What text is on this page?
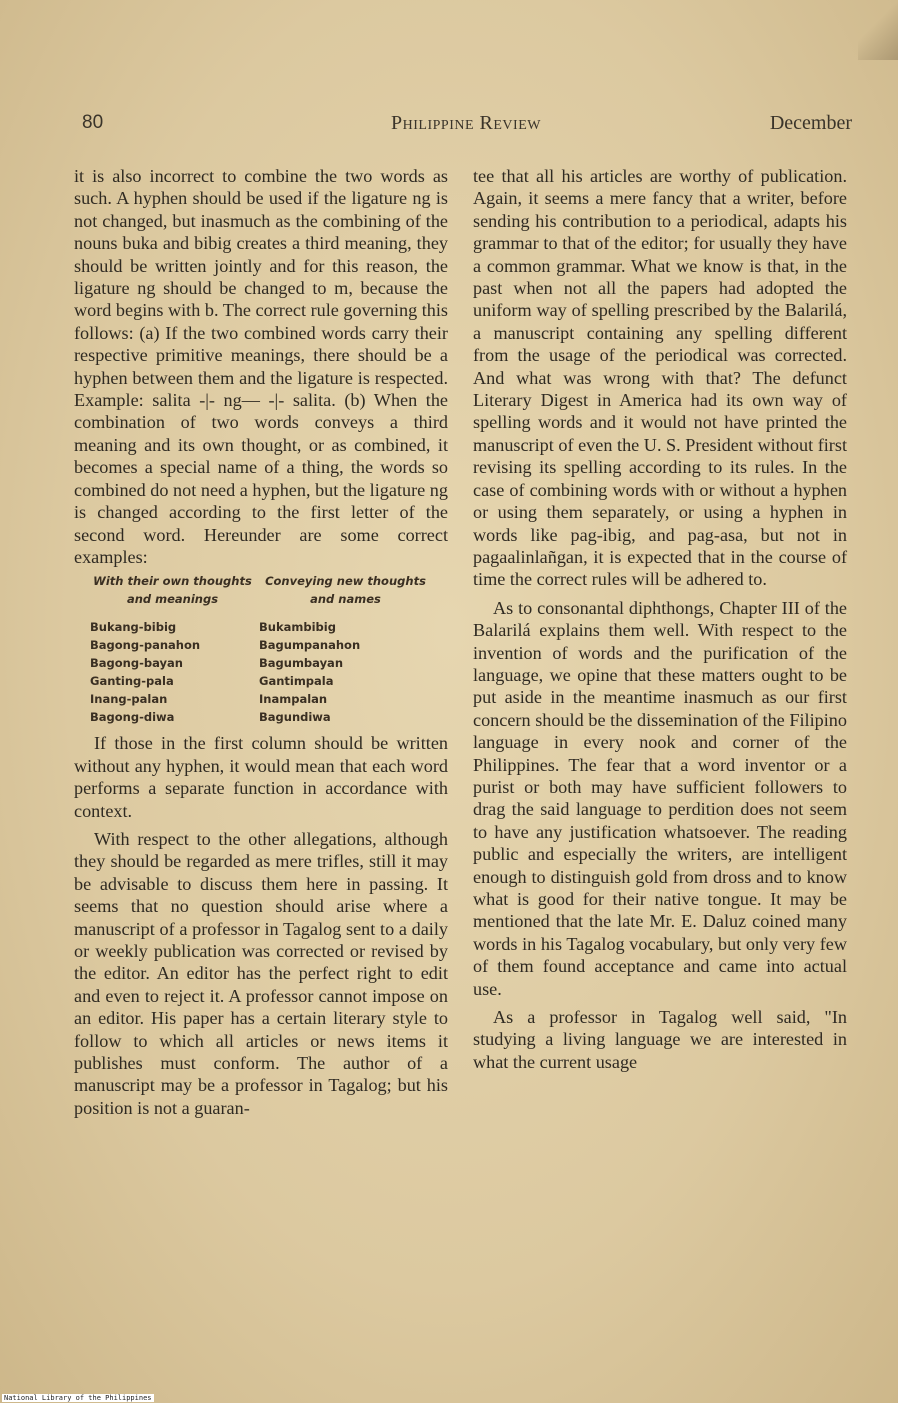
80	Philippine Review	December

it is also incorrect to combine the two words as such. A hyphen should be used if the ligature ng is not changed, but inasmuch as the combining of the nouns buka and bibig creates a third meaning, they should be written jointly and for this reason, the ligature ng should be changed to m, because the word begins with b. The correct rule governing this follows: (a) If the two combined words carry their respective primitive meanings, there should be a hyphen between them and the ligature is respected. Example: salita -|- ng— -|- salita. (b) When the combination of two words conveys a third meaning and its own thought, or as combined, it becomes a special name of a thing, the words so combined do not need a hyphen, but the ligature ng is changed according to the first letter of the second word. Hereunder are some correct examples:

With their own thoughts and meanings	Conveying new thoughts and names
Bukang-bibig	Bukambibig
Bagong-panahon	Bagumpanahon
Bagong-bayan	Bagumbayan
Ganting-pala	Gantimpala
Inang-palan	Inampalan
Bagong-diwa	Bagundiwa

If those in the first column should be written without any hyphen, it would mean that each word performs a separate function in accordance with context.

With respect to the other allegations, although they should be regarded as mere trifles, still it may be advisable to discuss them here in passing. It seems that no question should arise where a manuscript of a professor in Tagalog sent to a daily or weekly publication was corrected or revised by the editor. An editor has the perfect right to edit and even to reject it. A professor cannot impose on an editor. His paper has a certain literary style to follow to which all articles or news items it publishes must conform. The author of a manuscript may be a professor in Tagalog; but his position is not a guaran-

tee that all his articles are worthy of publication. Again, it seems a mere fancy that a writer, before sending his contribution to a periodical, adapts his grammar to that of the editor; for usually they have a common grammar. What we know is that, in the past when not all the papers had adopted the uniform way of spelling prescribed by the Balarilá, a manuscript containing any spelling different from the usage of the periodical was corrected. And what was wrong with that? The defunct Literary Digest in America had its own way of spelling words and it would not have printed the manuscript of even the U. S. President without first revising its spelling according to its rules. In the case of combining words with or without a hyphen or using them separately, or using a hyphen in words like pag-ibig, and pag-asa, but not in pagaalinlañgan, it is expected that in the course of time the correct rules will be adhered to.

As to consonantal diphthongs, Chapter III of the Balarilá explains them well. With respect to the invention of words and the purification of the language, we opine that these matters ought to be put aside in the meantime inasmuch as our first concern should be the dissemination of the Filipino language in every nook and corner of the Philippines. The fear that a word inventor or a purist or both may have sufficient followers to drag the said language to perdition does not seem to have any justification whatsoever. The reading public and especially the writers, are intelligent enough to distinguish gold from dross and to know what is good for their native tongue. It may be mentioned that the late Mr. E. Daluz coined many words in his Tagalog vocabulary, but only very few of them found acceptance and came into actual use.

As a professor in Tagalog well said, "In studying a living language we are interested in what the current usage

National Library of the Philippines
